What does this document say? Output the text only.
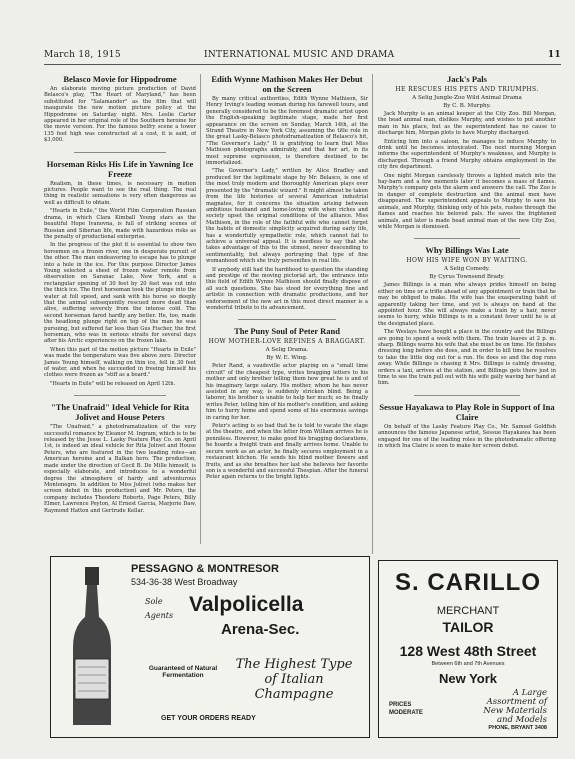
March 18, 1915	INTERNATIONAL MUSIC AND DRAMA	11
Belasco Movie for Hippodrome

An elaborate moving picture production of David Belasco's play, "The Heart of Maryland," has been substituted for "Salamander" as the film that will inaugurate the new motion picture policy at the Hippodrome on Saturday night. Mrs. Leslie Carter appeared in her original role of the Southern heroine for the movie version. For the famous belfry scene a tower 135 feet high was constructed at a cost, it is said, of $3,000.

Horseman Risks His Life in Yawning Ice Freeze

Realism, in these times, is necessary in motion pictures. People want to see the real thing. The real thing in realistic sensations is very often dangerous as well as difficult to obtain.

"Hearts in Exile," the World Film Corporation Russian drama, in which Clara Kimball Young stars as the beautiful Hope Ivanovna, is full of striking scenes of Russian and Siberian life, made with hazardous risks as the penalty of productional enterprise.

In the progress of the plot it is essential to show two horsemen on a frozen river, one in desperate pursuit of the other. The man endeavoring to escape has to plunge into a hole in the ice. For this purpose Director James Young selected a sheet of frozen water remote from observation on Saranac Lake, New York, and a rectangular opening of 30 feet by 20 feet was cut into the thick ice. The first horseman took the plunge into the water at full speed, and sank with his horse so deeply that the animal subsequently rescued more dead than alive, suffering severely from the intense cold. The second horseman fared hardly any better. He, too, made the headlong plunge right on top of the man he was pursuing, but suffered far less than Gus Fischer, the first horseman, who was in serious straits for several days after his Arctic experiences on the frozen lake.

When this part of the motion picture "Hearts in Exile" was made the temperature was five above zero. Director James Young himself, walking on thin ice, fell in 30 feet of water, and when he succeeded in freeing himself his clothes were frozen as "stiff as a board."

"Hearts in Exile" will be released on April 12th.

"The Unafraid" Ideal Vehicle for Rita Jolivet and House Peters

"The Unafraid," a photodramatization of the very successful romance by Eleanor M. Ingram, which is to be released by the Jesse L. Lasky Feature Play Co. on April 1st, is indeed an ideal vehicle for Rita Jolivet and House Peters, who are featured in the two leading roles—an American heroine and a Balkan hero. The production, made under the direction of Cecil B. De Mille himself, is especially elaborate, and introduces to a wonderful degree the atmosphere of hardy and adventurous Montenegro. In addition to Miss Jolivet (who makes her screen debut in this production) and Mr. Peters, the company includes Theodore Roberts, Page Peters, Billy Elmer, Lawrence Peyton, Al Ernest Garcia, Marjorie Daw, Raymond Hatton and Gertrude Kellar.

Edith Wynne Mathison Makes Her Debut on the Screen

By many critical authorities, Edith Wynne Mathison, Sir Henry Irving's leading woman during his farewell tours, and generally considered to be the foremost dramatic artist upon the English-speaking legitimate stage, made her first appearance on the screen on Sunday, March 14th, at the Strand Theatre in New York City, assuming the title role in the great Lasky-Belasco photodramatization of Belasco's hit, "The Governor's Lady." It is gratifying to learn that Miss Mathison photographs admirably, and that her art, in its most supreme expression, is therefore destined to be immortalized.

"The Governor's Lady," written by Alice Bradley and produced for the legitimate stage by Mr. Belasco, is one of the most truly modern and thoroughly American plays ever presented by the "dramatic wizard." It might almost be taken from the life histories of several American industrial magnates, for it concerns the situation arising between ambitious husband and home-loving wife when riches and society upset the original conditions of the alliance. Miss Mathison, in the role of the faithful wife who cannot forget the habits of domestic simplicity acquired during early life, has a wonderfully sympathetic role, which cannot fail to achieve a universal appeal. It is needless to say that she takes advantage of this to the utmost, never descending to sentimentality, but always portraying that type of fine womanhood which she truly personifies in real life.

If anybody still had the hardihood to question the standing and prestige of the moving pictorial art, the entrance into this field of Edith Wynne Mathison should finally dispose of all such questions. She has stood for everything fine and artistic in connection with dramatic productions, and her endorsement of the new art in this most direct manner is a wonderful tribute to its advancement.

The Puny Soul of Peter Rand
HOW MOTHER-LOVE REFINES A BRAGGART.
A Selig Drama.
By W. E. Wing.

Peter Rand, a vaudeville actor playing on a "small time circuit" of the cheapest type, writes bragging letters to his mother and only brother telling them how great he is and of his imaginary large salary. His mother, whom he has never assisted in any way, is suddenly stricken blind. Being a laborer, his brother is unable to help her much; so he finally writes Peter, telling him of his mother's condition, and asking him to hurry home and spend some of his enormous savings in caring for her.

Peter's acting is so bad that he is told to vacate the stage at the theatre, and when the letter from William arrives he is penniless. However, to make good his bragging declarations, he hoards a freight train and finally arrives home. Unable to secure work as an actor, he finally secures employment in a restaurant kitchen. He sends his blind mother flowers and fruits, and as she breathes her last she believes her favorite son is a wonderful and successful Thespian. After the funeral Peter again returns to the bright lights.

Jack's Pals
HE RESCUES HIS PETS AND TRIUMPHS.
A Selig Jungle-Zoo Wild Animal Drama
By C. B. Murphy.

Jack Murphy is an animal keeper at the City Zoo. Bill Morgan, the head animal man, dislikes Murphy, and wishes to put another man in his place, but as the superintendent has no cause to discharge him, Morgan plots to have Murphy discharged.

Enticing him into a saloon, he manages to induce Murphy to drink until he becomes intoxicated. The next morning Morgan informs the superintendent of Murphy's weakness, and Murphy is discharged. Through a friend Murphy obtains employment in the city fire department.

One night Morgan carelessly throws a lighted match into the hay-barn and a few moments later it becomes a mass of flames. Murphy's company gets the alarm and answers the call. The Zoo is in danger of complete destruction and the animal men have disappeared. The superintendent appeals to Murphy to save his animals, and Murphy, thinking only of his pets, rushes through the flames and reaches his beloved pals. He saves the frightened animals, and later is made head animal man of the new City Zoo, while Morgan is dismissed.

Why Billings Was Late
HOW HIS WIFE WON BY WAITING.
A Selig Comedy.
By Cyrus Townsend Brady.

James Billings is a man who always prides himself on being either on time or a trifle ahead of any appointment or train that he may be obliged to make. His wife has the exasperating habit of apparently taking her time, and yet is always on hand at the appointed hour. She will always make a train by a hair, never seems to hurry, while Billings is in a constant fever until he is at the designated place.

The Weslays have bought a place in the country and the Billings are going to spend a week with them. The train leaves at 2 p. m. sharp. Billings warns his wife that she must be on time. He finishes dressing long before she does, and in order to kill time he resolves to take the little dog out for a run. He does so and the dog runs away. While Billings is chasing it Mrs. Billings is calmly dressing, orders a taxi, arrives at the station, and Billings gets there just in time to see the train pull out with his wife gaily waving her hand at him.

Sessue Hayakawa to Play Role in Support of Ina Claire

On behalf of the Lasky Feature Play Co., Mr. Samuel Goldfish announces the famous Japanese artist, Sessue Hayakawa has been engaged for one of the leading roles in the photodramatic offering in which Ina Claire is soon to make her screen debut.

PESSAGNO & MONTRESOR
534-36-38 West Broadway
Sole
Agents Valpolicella
Arena-Sec.
Guaranteed of Natural Fermentation
The Highest Type of Italian Champagne
GET YOUR ORDERS READY
S. CARILLO
MERCHANT
TAILOR
128 West 48th Street
Between 6th and 7th Avenues
New York
PRICES
MODERATE
A Large Assortment of New Materials and Models
PHONE, BRYANT 3408
